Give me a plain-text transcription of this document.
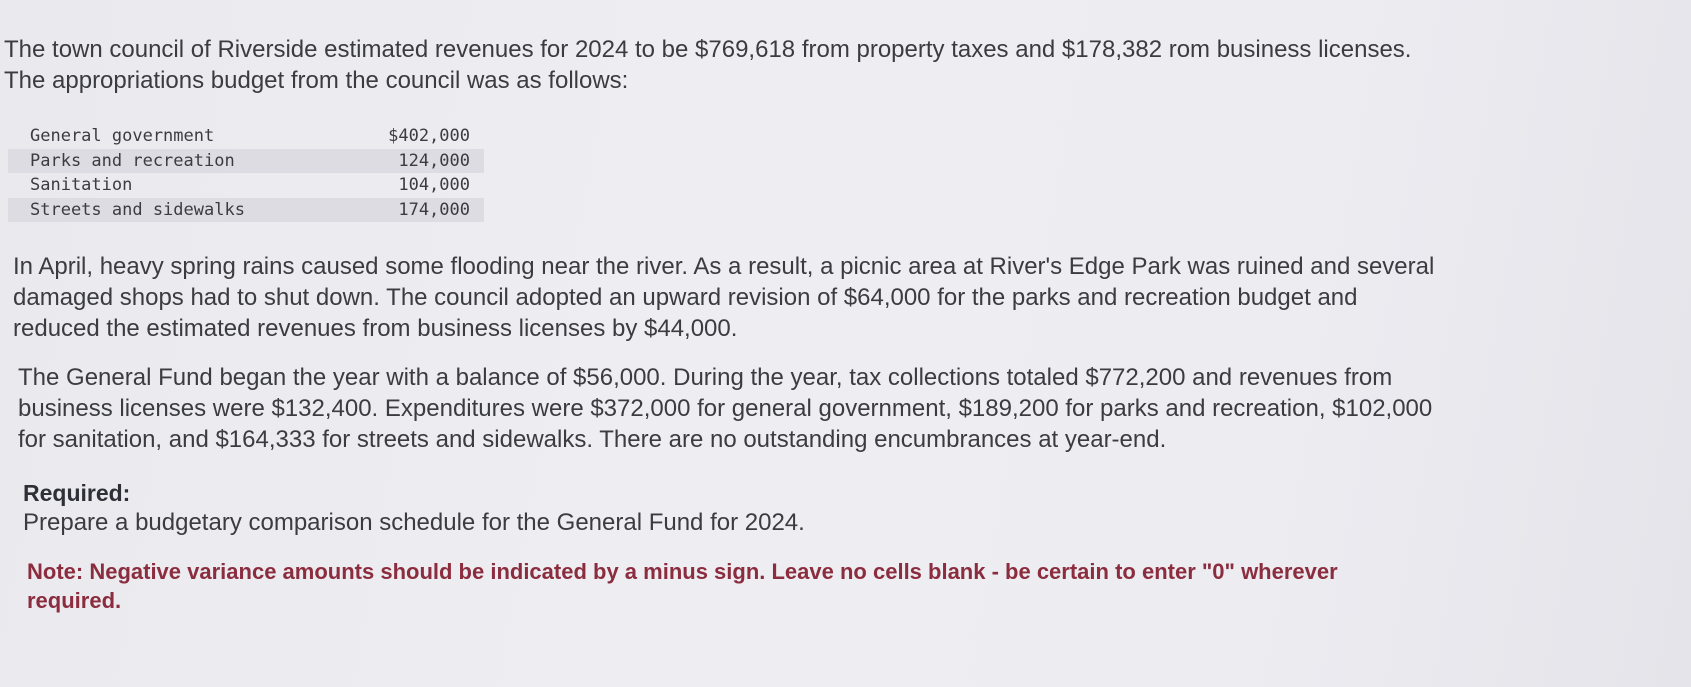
The town council of Riverside estimated revenues for 2024 to be $769,618 from property taxes and $178,382 rom business licenses.
The appropriations budget from the council was as follows:

General government	$402,000
Parks and recreation	124,000
Sanitation	104,000
Streets and sidewalks	174,000

In April, heavy spring rains caused some flooding near the river. As a result, a picnic area at River's Edge Park was ruined and several
damaged shops had to shut down. The council adopted an upward revision of $64,000 for the parks and recreation budget and
reduced the estimated revenues from business licenses by $44,000.

The General Fund began the year with a balance of $56,000. During the year, tax collections totaled $772,200 and revenues from
business licenses were $132,400. Expenditures were $372,000 for general government, $189,200 for parks and recreation, $102,000
for sanitation, and $164,333 for streets and sidewalks. There are no outstanding encumbrances at year-end.

Required:

Prepare a budgetary comparison schedule for the General Fund for 2024.

Note: Negative variance amounts should be indicated by a minus sign. Leave no cells blank - be certain to enter "0" wherever
required.
